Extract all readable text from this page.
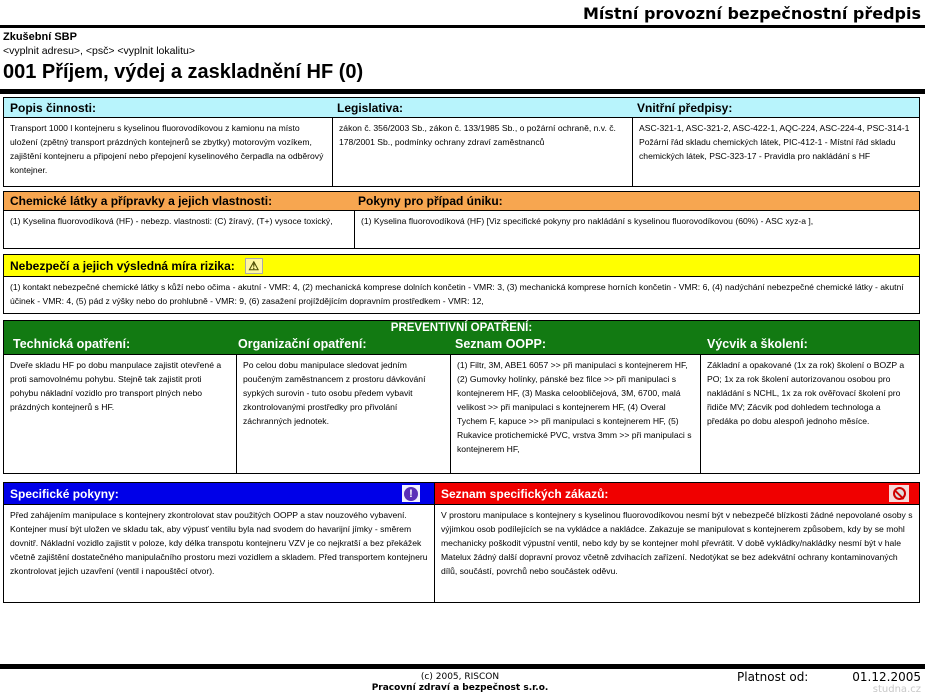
Místní provozní bezpečnostní předpis
Zkušební SBP
<vyplnit adresu>, <psč> <vyplnit lokalitu>
001 Příjem, výdej a zaskladnění HF (0)
Popis činnosti:	Legislativa:	Vnitřní předpisy:
Transport 1000 l kontejneru s kyselinou fluorovodíkovou z kamionu na místo uložení (zpětný transport prázdných kontejnerů se zbytky) motorovým vozíkem, zajištění kontejneru a připojení nebo přepojení kyselinového čerpadla na odběrový kontejner.
zákon č. 356/2003 Sb., zákon č. 133/1985 Sb., o požární ochraně, n.v. č. 178/2001 Sb., podmínky ochrany zdraví zaměstnanců
ASC-321-1, ASC-321-2, ASC-422-1, AQC-224, ASC-224-4, PSC-314-1 Požární řád skladu chemických látek, PIC-412-1 - Místní řád skladu chemických látek, PSC-323-17 - Pravidla pro nakládání s HF
Chemické látky a přípravky a jejich vlastnosti:	Pokyny pro případ úniku:
(1) Kyselina fluorovodíková (HF) - nebezp. vlastnosti: (C) žíravý, (T+) vysoce toxický,	(1) Kyselina fluorovodíková (HF) [Viz specifické pokyny pro nakládání s kyselinou fluorovodíkovou (60%) - ASC xyz-a ],
Nebezpečí a jejich výsledná míra rizika:	⚠
(1) kontakt nebezpečné chemické látky s kůží nebo očima - akutní - VMR: 4, (2) mechanická komprese dolních končetin - VMR: 3, (3) mechanická komprese horních končetin - VMR: 6, (4) nadýchání nebezpečné chemické látky - akutní účinek - VMR: 4, (5) pád z výšky nebo do prohlubně - VMR: 9, (6) zasažení projíždějícím dopravním prostředkem - VMR: 12,
PREVENTIVNÍ OPATŘENÍ:
Technická opatření:	Organizační opatření:	Seznam OOPP:	Výcvik a školení:
Dveře skladu HF po dobu manpulace zajistit otevřené a proti samovolnému pohybu. Stejně tak zajistit proti pohybu nákladní vozidlo pro transport plných nebo prázdných kontejnerů s HF.
Po celou dobu manipulace sledovat jedním poučeným zaměstnancem z prostoru dávkování sypkých surovin - tuto osobu předem vybavit zkontrolovanými prostředky pro přivolání záchranných jednotek.
(1) Filtr, 3M, ABE1 6057 >> při manipulaci s kontejnerem HF, (2) Gumovky holínky, pánské bez filce >> při manipulaci s kontejnerem HF, (3) Maska celoobličejová, 3M, 6700, malá velikost >> při manipulaci s kontejnerem HF, (4) Overal Tychem F, kapuce >> při manipulaci s kontejnerem HF, (5) Rukavice protichemické PVC, vrstva 3mm >> při manipulaci s kontejnerem HF,
Základní a opakované (1x za rok) školení o BOZP a PO; 1x za rok školení autorizovanou osobou pro nakládání s NCHL, 1x za rok ověřovací školení pro řidiče MV; Zácvik pod dohledem technologa a předáka po dobu alespoň jednoho měsíce.
Specifické pokyny:	!
Před zahájením manipulace s kontejnery zkontrolovat stav použitých OOPP a stav nouzového vybavení. Kontejner musí být uložen ve skladu tak, aby výpusť ventilu byla nad svodem do havarijní jímky - směrem dovnitř. Nákladní vozidlo zajistit v poloze, kdy délka transpotu kontejneru VZV je co nejkratší a bez překážek včetně zajištění dostatečného manipulačního prostoru mezi vozidlem a skladem. Před transportem kontejneru zkontrolovat jejich uzavření (ventil i napouštěcí otvor).
Seznam specifických zákazů:
V prostoru manipulace s kontejnery s kyselinou fluorovodíkovou nesmí být v nebezpečé blízkosti žádné nepovolané osoby s výjimkou osob podílejících se na vykládce a nakládce. Zakazuje se manipulovat s kontejnerem způsobem, kdy by se mohl mechanicky poškodit výpustní ventil, nebo kdy by se kontejner mohl převrátit. V době vykládky/nakládky nesmí být v hale Matelux žádný další dopravní provoz včetně zdvihacích zařízení. Nedotýkat se bez adekvátní ochrany kontaminovaných dílů, součástí, povrchů nebo součástek oděvu.
(c) 2005, RISCON
Pracovní zdraví a bezpečnost s.r.o.
Platnost od:	01.12.2005
studna.cz
